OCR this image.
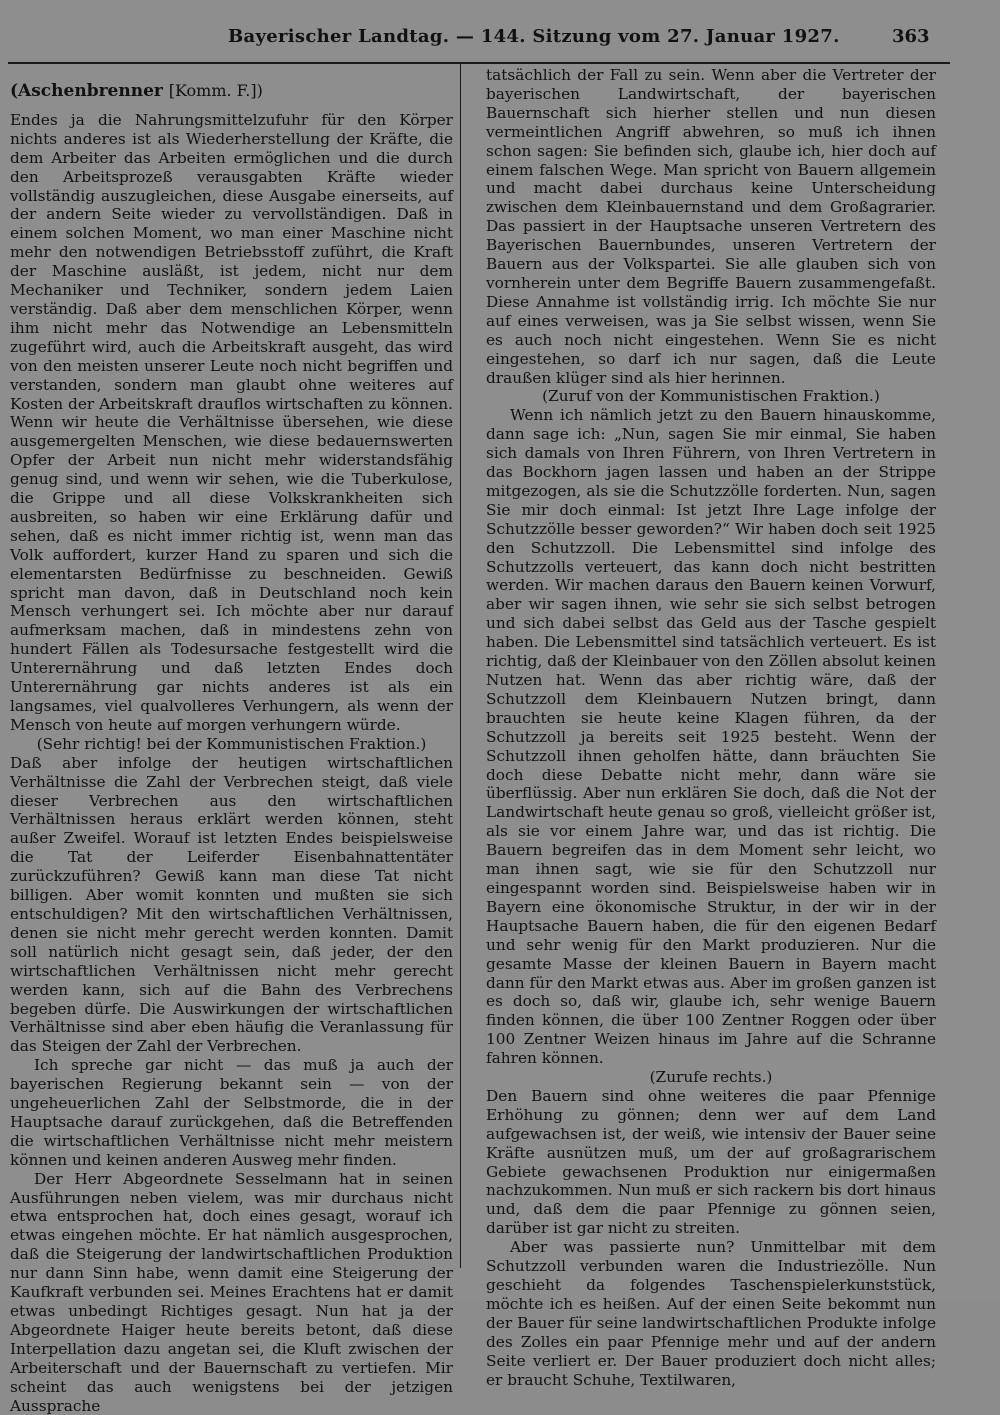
Bayerischer Landtag. — 144. Sitzung vom 27. Januar 1927.	363

(Aschenbrenner [Komm. F.])

Endes ja die Nahrungsmittelzufuhr für den Körper nichts anderes ist als Wiederherstellung der Kräfte, die dem Arbeiter das Arbeiten ermöglichen und die durch den Arbeitsprozeß verausgabten Kräfte wieder vollständig auszugleichen, diese Ausgabe einerseits, auf der andern Seite wieder zu vervollständigen. Daß in einem solchen Moment, wo man einer Maschine nicht mehr den notwendigen Betriebsstoff zuführt, die Kraft der Maschine ausläßt, ist jedem, nicht nur dem Mechaniker und Techniker, sondern jedem Laien verständig. Daß aber dem menschlichen Körper, wenn ihm nicht mehr das Notwendige an Lebensmitteln zugeführt wird, auch die Arbeitskraft ausgeht, das wird von den meisten unserer Leute noch nicht begriffen und verstanden, sondern man glaubt ohne weiteres auf Kosten der Arbeitskraft drauflos wirtschaften zu können. Wenn wir heute die Verhältnisse übersehen, wie diese ausgemergelten Menschen, wie diese bedauernswerten Opfer der Arbeit nun nicht mehr widerstandsfähig genug sind, und wenn wir sehen, wie die Tuberkulose, die Grippe und all diese Volkskrankheiten sich ausbreiten, so haben wir eine Erklärung dafür und sehen, daß es nicht immer richtig ist, wenn man das Volk auffordert, kurzer Hand zu sparen und sich die elementarsten Bedürfnisse zu beschneiden. Gewiß spricht man davon, daß in Deutschland noch kein Mensch verhungert sei. Ich möchte aber nur darauf aufmerksam machen, daß in mindestens zehn von hundert Fällen als Todesursache festgestellt wird die Unterernährung und daß letzten Endes doch Unterernährung gar nichts anderes ist als ein langsames, viel qualvolleres Verhungern, als wenn der Mensch von heute auf morgen verhungern würde.

(Sehr richtig! bei der Kommunistischen Fraktion.)

Daß aber infolge der heutigen wirtschaftlichen Verhältnisse die Zahl der Verbrechen steigt, daß viele dieser Verbrechen aus den wirtschaftlichen Verhältnissen heraus erklärt werden können, steht außer Zweifel. Worauf ist letzten Endes beispielsweise die Tat der Leiferder Eisenbahnattentäter zurückzuführen? Gewiß kann man diese Tat nicht billigen. Aber womit konnten und mußten sie sich entschuldigen? Mit den wirtschaftlichen Verhältnissen, denen sie nicht mehr gerecht werden konnten. Damit soll natürlich nicht gesagt sein, daß jeder, der den wirtschaftlichen Verhältnissen nicht mehr gerecht werden kann, sich auf die Bahn des Verbrechens begeben dürfe. Die Auswirkungen der wirtschaftlichen Verhältnisse sind aber eben häufig die Veranlassung für das Steigen der Zahl der Verbrechen.

Ich spreche gar nicht — das muß ja auch der bayerischen Regierung bekannt sein — von der ungeheuerlichen Zahl der Selbstmorde, die in der Hauptsache darauf zurückgehen, daß die Betreffenden die wirtschaftlichen Verhältnisse nicht mehr meistern können und keinen anderen Ausweg mehr finden.

Der Herr Abgeordnete Sesselmann hat in seinen Ausführungen neben vielem, was mir durchaus nicht etwa entsprochen hat, doch eines gesagt, worauf ich etwas eingehen möchte. Er hat nämlich ausgesprochen, daß die Steigerung der landwirtschaftlichen Produktion nur dann Sinn habe, wenn damit eine Steigerung der Kaufkraft verbunden sei. Meines Erachtens hat er damit etwas unbedingt Richtiges gesagt. Nun hat ja der Abgeordnete Haiger heute bereits betont, daß diese Interpellation dazu angetan sei, die Kluft zwischen der Arbeiterschaft und der Bauernschaft zu vertiefen. Mir scheint das auch wenigstens bei der jetzigen Aussprache

tatsächlich der Fall zu sein. Wenn aber die Vertreter der bayerischen Landwirtschaft, der bayerischen Bauernschaft sich hierher stellen und nun diesen vermeintlichen Angriff abwehren, so muß ich ihnen schon sagen: Sie befinden sich, glaube ich, hier doch auf einem falschen Wege. Man spricht von Bauern allgemein und macht dabei durchaus keine Unterscheidung zwischen dem Kleinbauernstand und dem Großagrarier. Das passiert in der Hauptsache unseren Vertretern des Bayerischen Bauernbundes, unseren Vertretern der Bauern aus der Volkspartei. Sie alle glauben sich von vornherein unter dem Begriffe Bauern zusammengefaßt. Diese Annahme ist vollständig irrig. Ich möchte Sie nur auf eines verweisen, was ja Sie selbst wissen, wenn Sie es auch noch nicht eingestehen. Wenn Sie es nicht eingestehen, so darf ich nur sagen, daß die Leute draußen klüger sind als hier herinnen.

(Zuruf von der Kommunistischen Fraktion.)

Wenn ich nämlich jetzt zu den Bauern hinauskomme, dann sage ich: „Nun, sagen Sie mir einmal, Sie haben sich damals von Ihren Führern, von Ihren Vertretern in das Bockhorn jagen lassen und haben an der Strippe mitgezogen, als sie die Schutzzölle forderten. Nun, sagen Sie mir doch einmal: Ist jetzt Ihre Lage infolge der Schutzzölle besser geworden?“ Wir haben doch seit 1925 den Schutzzoll. Die Lebensmittel sind infolge des Schutzzolls verteuert, das kann doch nicht bestritten werden. Wir machen daraus den Bauern keinen Vorwurf, aber wir sagen ihnen, wie sehr sie sich selbst betrogen und sich dabei selbst das Geld aus der Tasche gespielt haben. Die Lebensmittel sind tatsächlich verteuert. Es ist richtig, daß der Kleinbauer von den Zöllen absolut keinen Nutzen hat. Wenn das aber richtig wäre, daß der Schutzzoll dem Kleinbauern Nutzen bringt, dann brauchten sie heute keine Klagen führen, da der Schutzzoll ja bereits seit 1925 besteht. Wenn der Schutzzoll ihnen geholfen hätte, dann bräuchten Sie doch diese Debatte nicht mehr, dann wäre sie überflüssig. Aber nun erklären Sie doch, daß die Not der Landwirtschaft heute genau so groß, vielleicht größer ist, als sie vor einem Jahre war, und das ist richtig. Die Bauern begreifen das in dem Moment sehr leicht, wo man ihnen sagt, wie sie für den Schutzzoll nur eingespannt worden sind. Beispielsweise haben wir in Bayern eine ökonomische Struktur, in der wir in der Hauptsache Bauern haben, die für den eigenen Bedarf und sehr wenig für den Markt produzieren. Nur die gesamte Masse der kleinen Bauern in Bayern macht dann für den Markt etwas aus. Aber im großen ganzen ist es doch so, daß wir, glaube ich, sehr wenige Bauern finden können, die über 100 Zentner Roggen oder über 100 Zentner Weizen hinaus im Jahre auf die Schranne fahren können.

(Zurufe rechts.)

Den Bauern sind ohne weiteres die paar Pfennige Erhöhung zu gönnen; denn wer auf dem Land aufgewachsen ist, der weiß, wie intensiv der Bauer seine Kräfte ausnützen muß, um der auf großagrarischem Gebiete gewachsenen Produktion nur einigermaßen nachzukommen. Nun muß er sich rackern bis dort hinaus und, daß dem die paar Pfennige zu gönnen seien, darüber ist gar nicht zu streiten.

Aber was passierte nun? Unmittelbar mit dem Schutzzoll verbunden waren die Industriezölle. Nun geschieht da folgendes Taschenspielerkunststück, möchte ich es heißen. Auf der einen Seite bekommt nun der Bauer für seine landwirtschaftlichen Produkte infolge des Zolles ein paar Pfennige mehr und auf der andern Seite verliert er. Der Bauer produziert doch nicht alles; er braucht Schuhe, Textilwaren,
